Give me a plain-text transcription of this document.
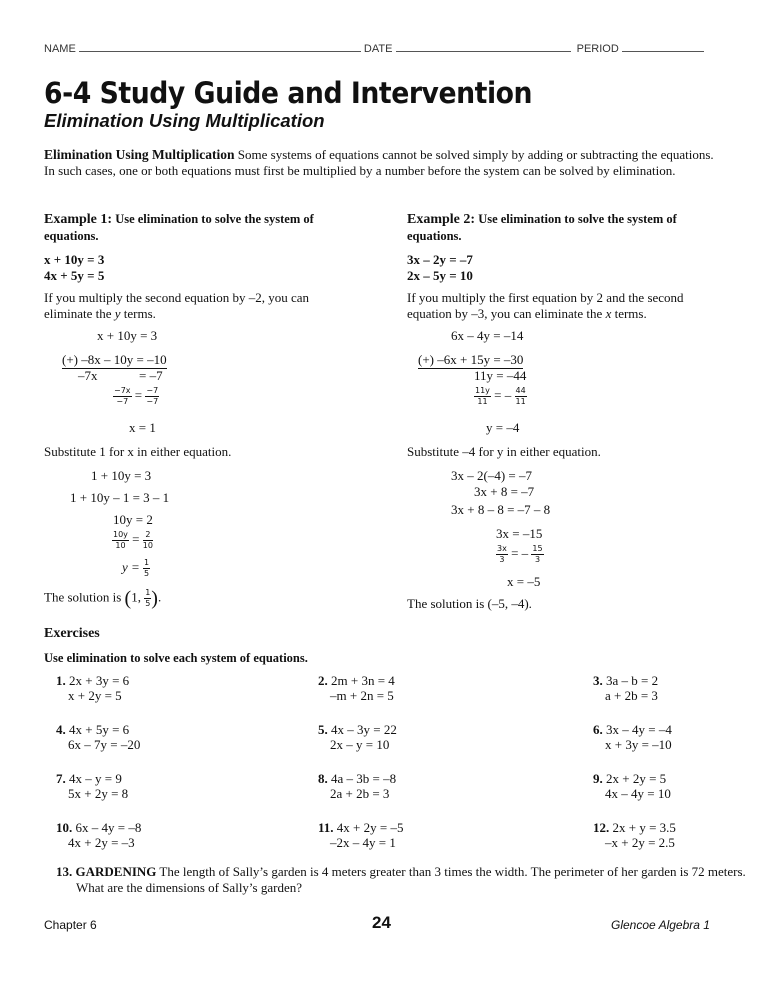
NAME	DATE	PERIOD
6-4 Study Guide and Intervention
Elimination Using Multiplication
Elimination Using Multiplication Some systems of equations cannot be solved simply by adding or subtracting the equations. In such cases, one or both equations must first be multiplied by a number before the system can be solved by elimination.
Example 1: Use elimination to solve the system of equations.
x + 10y = 3
4x + 5y = 5
If you multiply the second equation by –2, you can eliminate the y terms.
x + 10y = 3
(+) –8x – 10y = –10
–7x	= –7
$\frac{-7x}{-7} = \frac{-7}{-7}$
x = 1
Substitute 1 for x in either equation.
1 + 10y = 3
1 + 10y – 1 = 3 – 1
10y = 2
$\frac{10y}{10} = \frac{2}{10}$
$y = \frac{1}{5}$
The solution is (1, $\frac{1}{5}$ ).
Example 2: Use elimination to solve the system of equations.
3x – 2y = –7
2x – 5y = 10
If you multiply the first equation by 2 and the second equation by –3, you can eliminate the x terms.
6x – 4y = –14
(+) –6x + 15y = –30
11y = –44
$\frac{11y}{11}$ = – $\frac{44}{11}$
y = –4
Substitute –4 for y in either equation.
3x – 2(–4) = –7
3x + 8 = –7
3x + 8 – 8 = –7 – 8
3x = –15
$\frac{3x}{3}$ = – $\frac{15}{3}$
x = –5
The solution is (–5, –4).
Exercises
Use elimination to solve each system of equations.
1. 2x + 3y = 6
x + 2y = 5
2. 2m + 3n = 4
–m + 2n = 5
3. 3a – b = 2
a + 2b = 3
4. 4x + 5y = 6
6x – 7y = –20
5. 4x – 3y = 22
2x – y = 10
6. 3x – 4y = –4
x + 3y = –10
7. 4x – y = 9
5x + 2y = 8
8. 4a – 3b = –8
2a + 2b = 3
9. 2x + 2y = 5
4x – 4y = 10
10. 6x – 4y = –8
4x + 2y = –3
11. 4x + 2y = –5
–2x – 4y = 1
12. 2x + y = 3.5
–x + 2y = 2.5
13. GARDENING The length of Sally’s garden is 4 meters greater than 3 times the width. The perimeter of her garden is 72 meters. What are the dimensions of Sally’s garden?
Chapter 6	24	Glencoe Algebra 1
